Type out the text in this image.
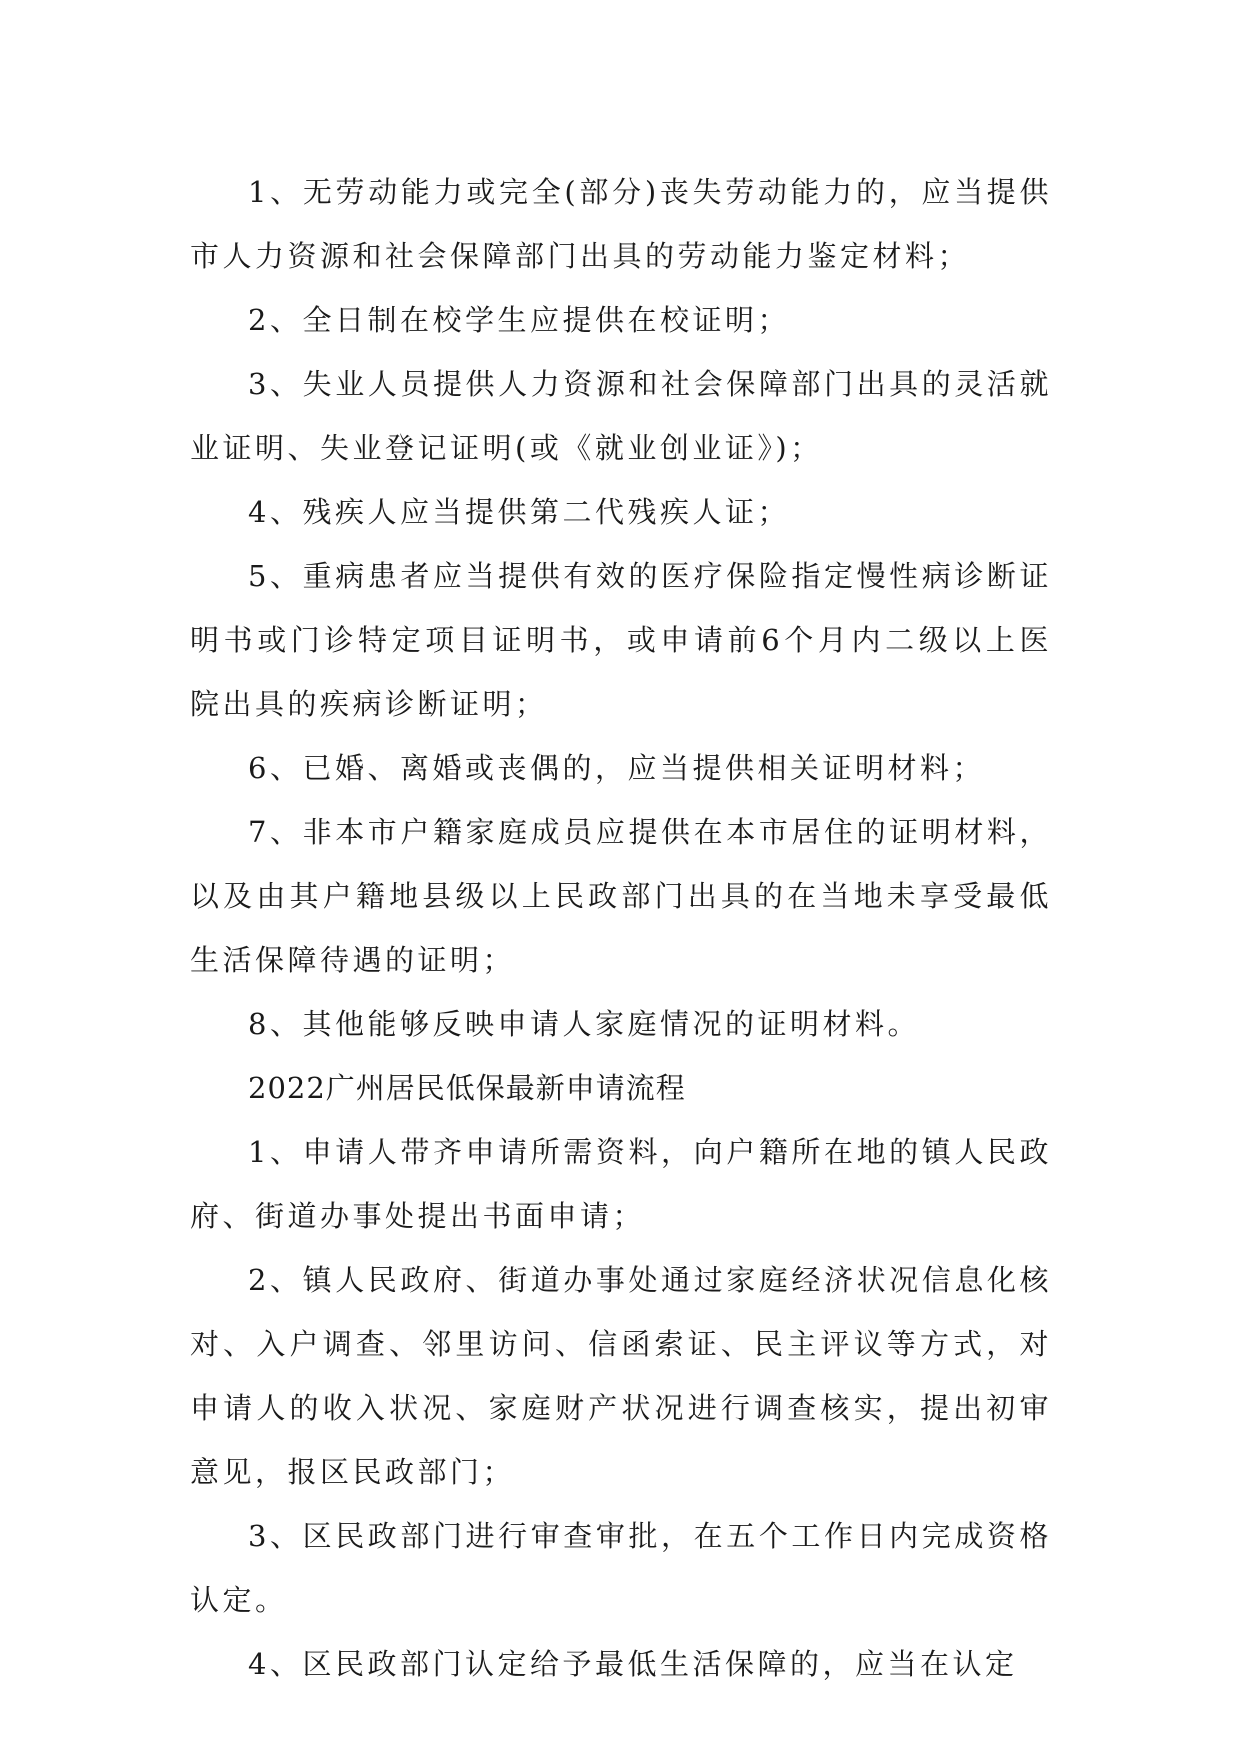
1、无劳动能力或完全(部分)丧失劳动能力的，应当提供市人力资源和社会保障部门出具的劳动能力鉴定材料；

2、全日制在校学生应提供在校证明；

3、失业人员提供人力资源和社会保障部门出具的灵活就业证明、失业登记证明(或《就业创业证》)；

4、残疾人应当提供第二代残疾人证；

5、重病患者应当提供有效的医疗保险指定慢性病诊断证明书或门诊特定项目证明书，或申请前6个月内二级以上医院出具的疾病诊断证明；

6、已婚、离婚或丧偶的，应当提供相关证明材料；

7、非本市户籍家庭成员应提供在本市居住的证明材料，以及由其户籍地县级以上民政部门出具的在当地未享受最低生活保障待遇的证明；

8、其他能够反映申请人家庭情况的证明材料。

2022广州居民低保最新申请流程

1、申请人带齐申请所需资料，向户籍所在地的镇人民政府、街道办事处提出书面申请；

2、镇人民政府、街道办事处通过家庭经济状况信息化核对、入户调查、邻里访问、信函索证、民主评议等方式，对申请人的收入状况、家庭财产状况进行调查核实，提出初审意见，报区民政部门；

3、区民政部门进行审查审批，在五个工作日内完成资格认定。

4、区民政部门认定给予最低生活保障的，应当在认定
